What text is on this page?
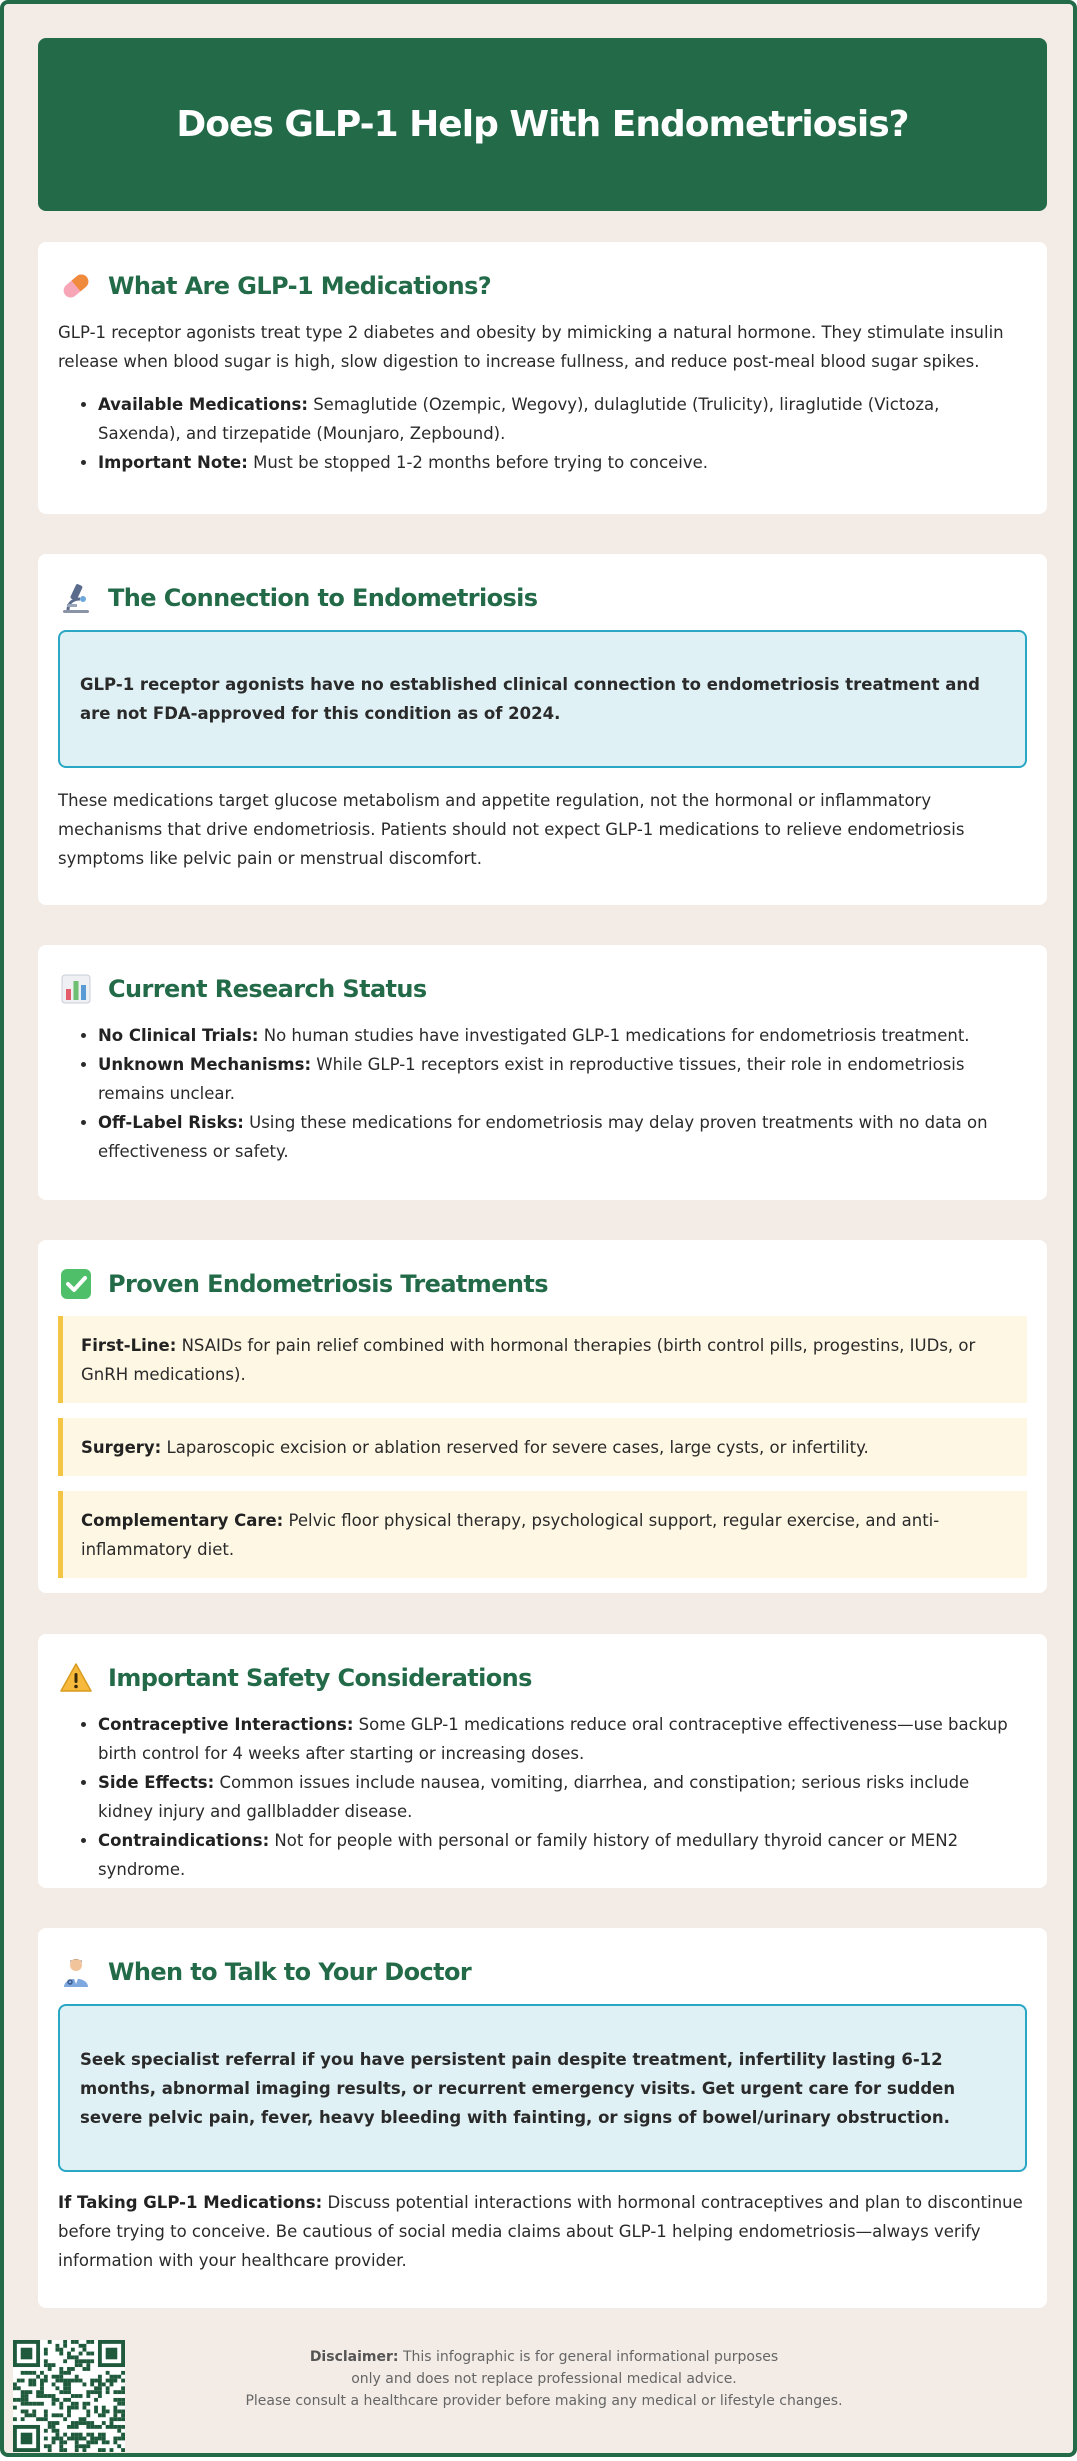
Does GLP-1 Help With Endometriosis?
What Are GLP-1 Medications?

GLP-1 receptor agonists treat type 2 diabetes and obesity by mimicking a natural hormone. They stimulate insulin release when blood sugar is high, slow digestion to increase fullness, and reduce post-meal blood sugar spikes.

• Available Medications: Semaglutide (Ozempic, Wegovy), dulaglutide (Trulicity), liraglutide (Victoza, Saxenda), and tirzepatide (Mounjaro, Zepbound).
• Important Note: Must be stopped 1-2 months before trying to conceive.
The Connection to Endometriosis

GLP-1 receptor agonists have no established clinical connection to endometriosis treatment and are not FDA-approved for this condition as of 2024.

These medications target glucose metabolism and appetite regulation, not the hormonal or inflammatory mechanisms that drive endometriosis. Patients should not expect GLP-1 medications to relieve endometriosis symptoms like pelvic pain or menstrual discomfort.

Current Research Status
• No Clinical Trials: No human studies have investigated GLP-1 medications for endometriosis treatment.
• Unknown Mechanisms: While GLP-1 receptors exist in reproductive tissues, their role in endometriosis remains unclear.
• Off-Label Risks: Using these medications for endometriosis may delay proven treatments with no data on effectiveness or safety.
Proven Endometriosis Treatments

First-Line: NSAIDs for pain relief combined with hormonal therapies (birth control pills, progestins, IUDs, or GnRH medications).

Surgery: Laparoscopic excision or ablation reserved for severe cases, large cysts, or infertility.

Complementary Care: Pelvic floor physical therapy, psychological support, regular exercise, and anti-inflammatory diet.

Important Safety Considerations
• Contraceptive Interactions: Some GLP-1 medications reduce oral contraceptive effectiveness—use backup birth control for 4 weeks after starting or increasing doses.
• Side Effects: Common issues include nausea, vomiting, diarrhea, and constipation; serious risks include kidney injury and gallbladder disease.
• Contraindications: Not for people with personal or family history of medullary thyroid cancer or MEN2 syndrome.
When to Talk to Your Doctor

Seek specialist referral if you have persistent pain despite treatment, infertility lasting 6-12 months, abnormal imaging results, or recurrent emergency visits. Get urgent care for sudden severe pelvic pain, fever, heavy bleeding with fainting, or signs of bowel/urinary obstruction.

If Taking GLP-1 Medications: Discuss potential interactions with hormonal contraceptives and plan to discontinue before trying to conceive. Be cautious of social media claims about GLP-1 helping endometriosis—always verify information with your healthcare provider.

Disclaimer: This infographic is for general informational purposes
only and does not replace professional medical advice.
Please consult a healthcare provider before making any medical or lifestyle changes.
